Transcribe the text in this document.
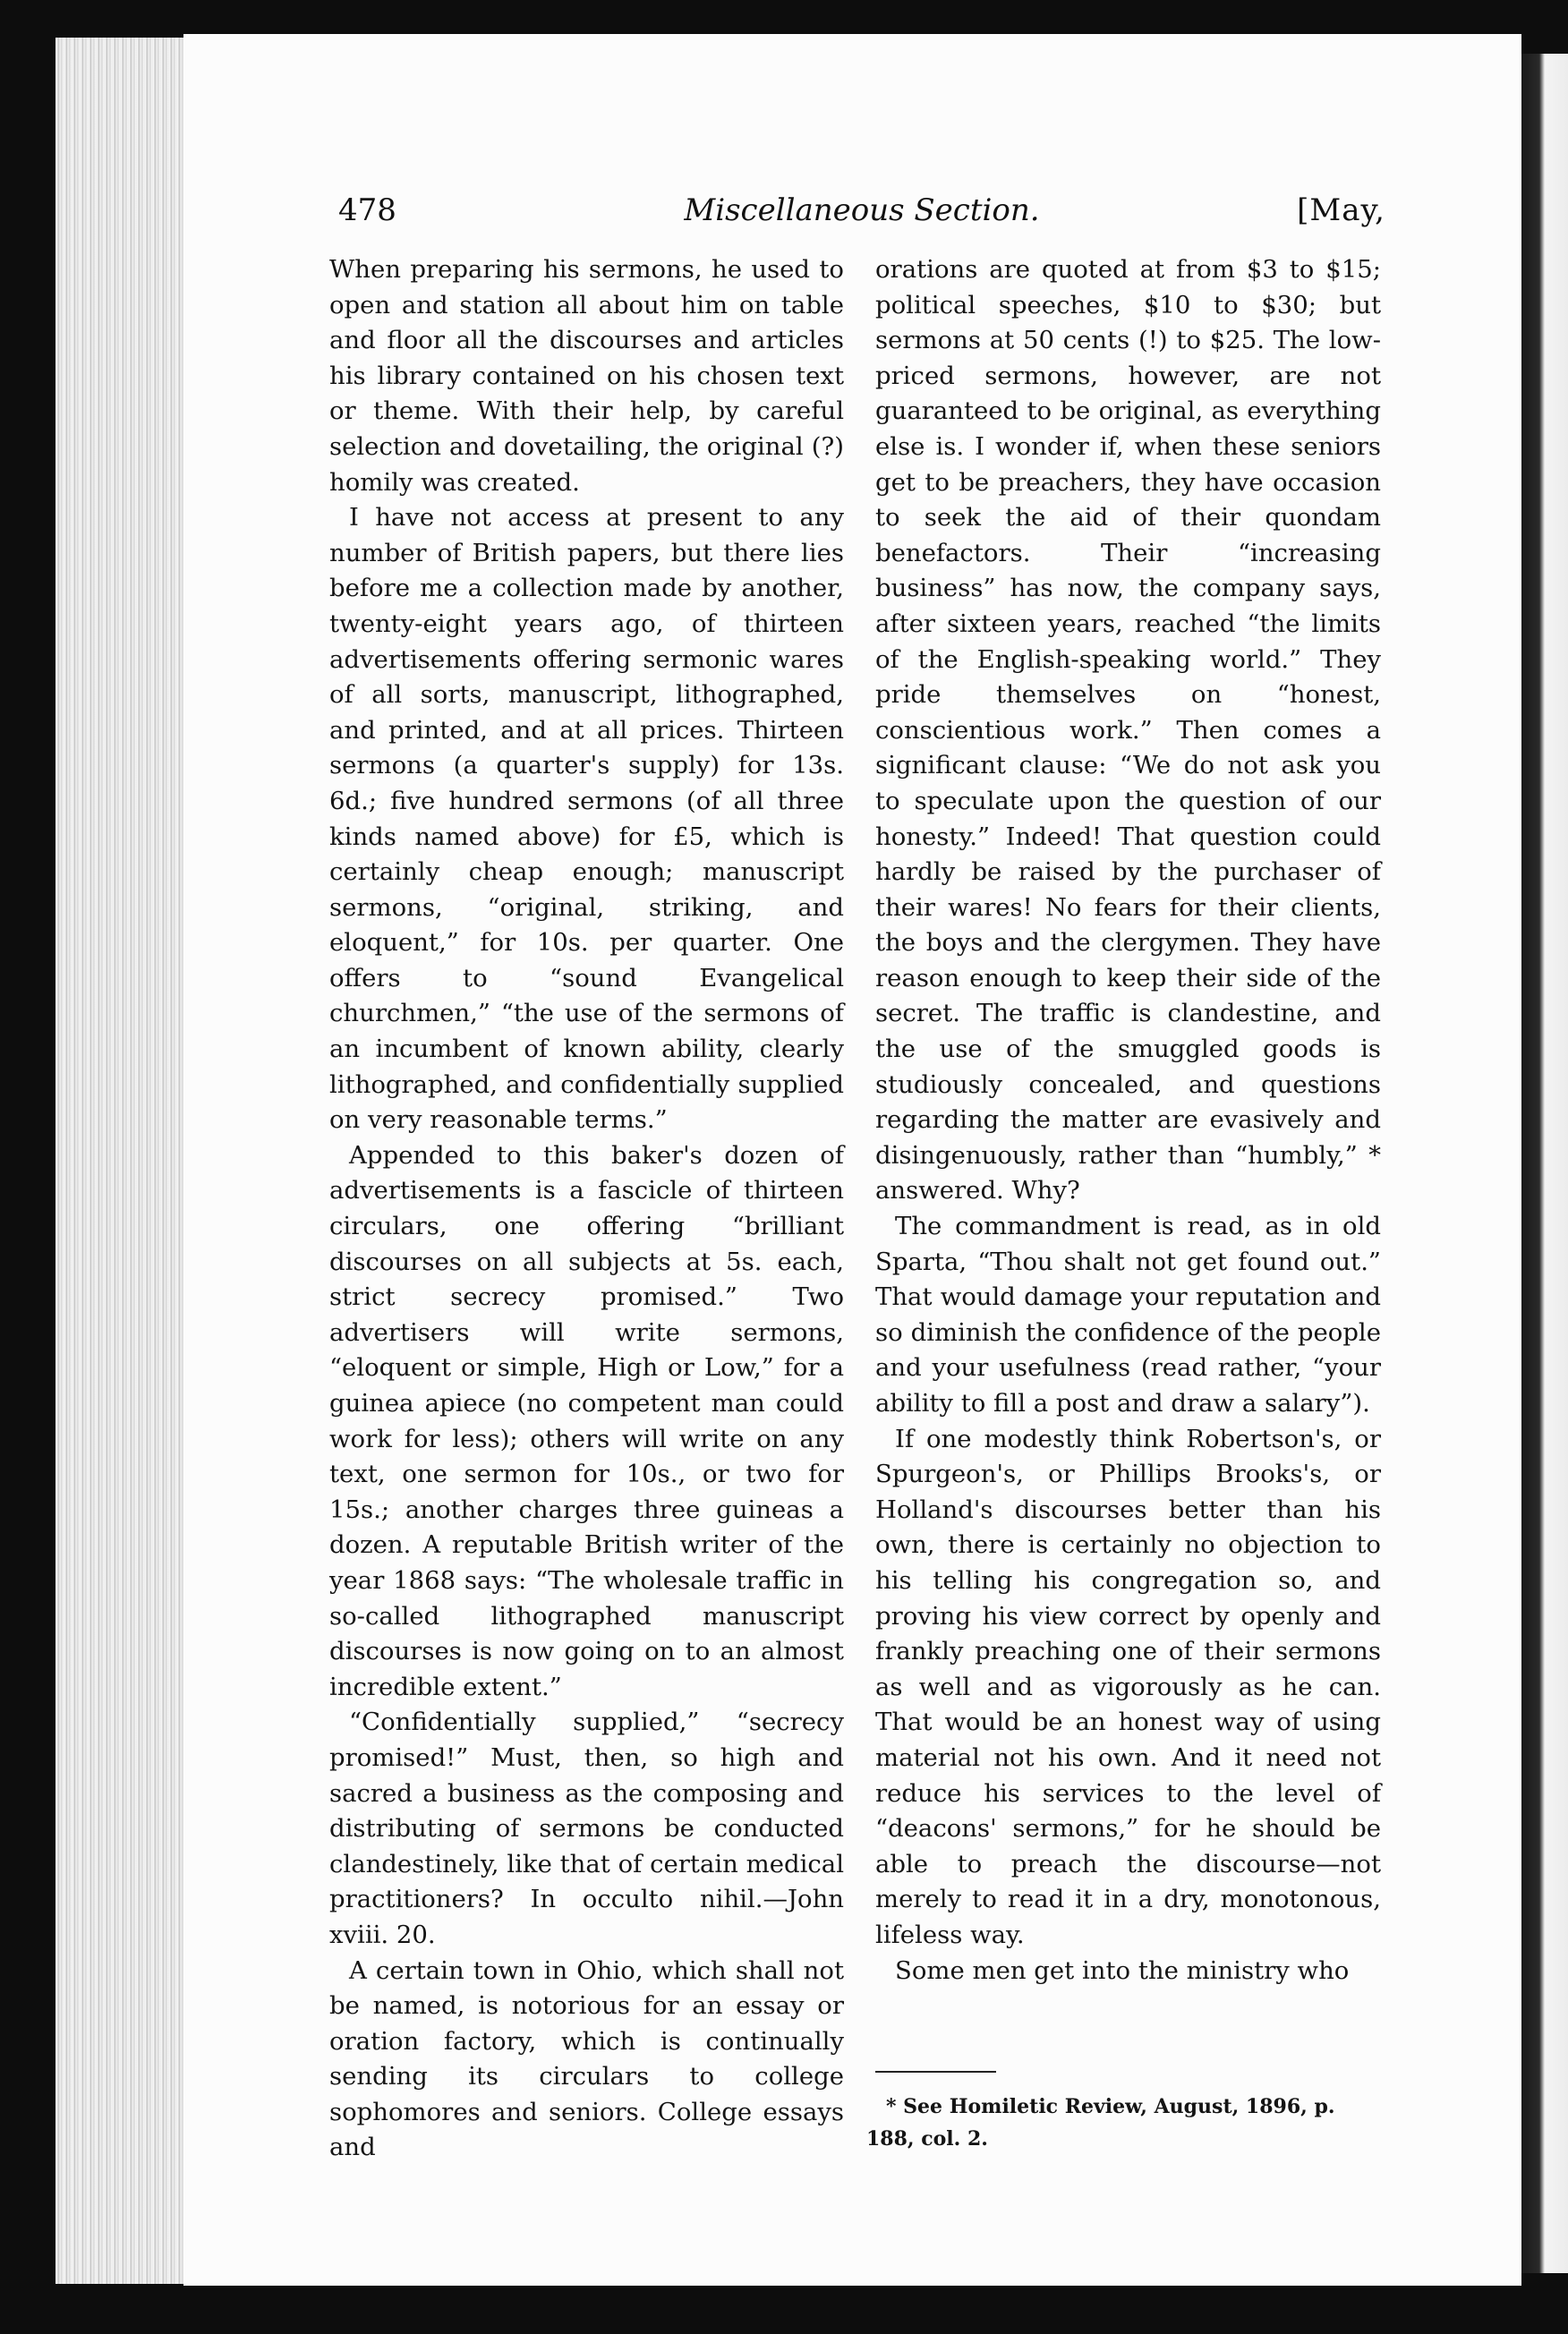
478	Miscellaneous Section.	[May,

When preparing his sermons, he used to open and station all about him on table and floor all the discourses and articles his library contained on his chosen text or theme. With their help, by careful selection and dovetailing, the original (?) homily was created.

I have not access at present to any number of British papers, but there lies before me a collection made by another, twenty-eight years ago, of thirteen advertisements offering sermonic wares of all sorts, manuscript, lithographed, and printed, and at all prices. Thirteen sermons (a quarter's supply) for 13s. 6d.; five hundred sermons (of all three kinds named above) for £5, which is certainly cheap enough; manuscript sermons, “original, striking, and eloquent,” for 10s. per quarter. One offers to “sound Evangelical churchmen,” “the use of the sermons of an incumbent of known ability, clearly lithographed, and confidentially supplied on very reasonable terms.”

Appended to this baker's dozen of advertisements is a fascicle of thirteen circulars, one offering “brilliant discourses on all subjects at 5s. each, strict secrecy promised.” Two advertisers will write sermons, “eloquent or simple, High or Low,” for a guinea apiece (no competent man could work for less); others will write on any text, one sermon for 10s., or two for 15s.; another charges three guineas a dozen. A reputable British writer of the year 1868 says: “The wholesale traffic in so-called lithographed manuscript discourses is now going on to an almost incredible extent.”

“Confidentially supplied,” “secrecy promised!” Must, then, so high and sacred a business as the composing and distributing of sermons be conducted clandestinely, like that of certain medical practitioners? In occulto nihil.—John xviii. 20.

A certain town in Ohio, which shall not be named, is notorious for an essay or oration factory, which is continually sending its circulars to college sophomores and seniors. College essays and

orations are quoted at from $3 to $15; political speeches, $10 to $30; but sermons at 50 cents (!) to $25. The low-priced sermons, however, are not guaranteed to be original, as everything else is. I wonder if, when these seniors get to be preachers, they have occasion to seek the aid of their quondam benefactors. Their “increasing business” has now, the company says, after sixteen years, reached “the limits of the English-speaking world.” They pride themselves on “honest, conscientious work.” Then comes a significant clause: “We do not ask you to speculate upon the question of our honesty.” Indeed! That question could hardly be raised by the purchaser of their wares! No fears for their clients, the boys and the clergymen. They have reason enough to keep their side of the secret. The traffic is clandestine, and the use of the smuggled goods is studiously concealed, and questions regarding the matter are evasively and disingenuously, rather than “humbly,” * answered. Why?

The commandment is read, as in old Sparta, “Thou shalt not get found out.” That would damage your reputation and so diminish the confidence of the people and your usefulness (read rather, “your ability to fill a post and draw a salary”).

If one modestly think Robertson's, or Spurgeon's, or Phillips Brooks's, or Holland's discourses better than his own, there is certainly no objection to his telling his congregation so, and proving his view correct by openly and frankly preaching one of their sermons as well and as vigorously as he can. That would be an honest way of using material not his own. And it need not reduce his services to the level of “deacons' sermons,” for he should be able to preach the discourse—not merely to read it in a dry, monotonous, lifeless way.

Some men get into the ministry who

* See Homiletic Review, August, 1896, p. 188, col. 2.
